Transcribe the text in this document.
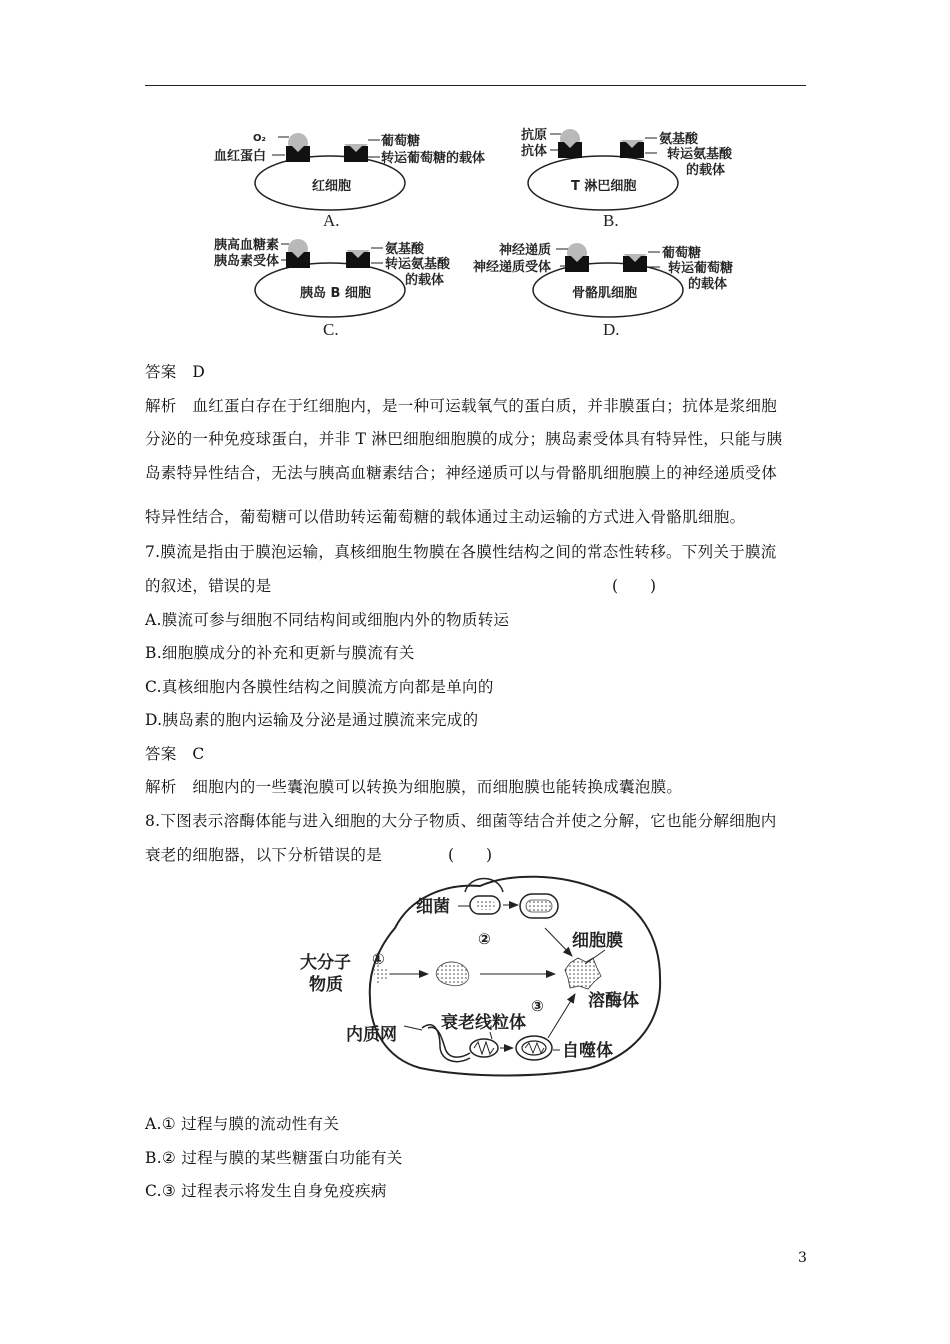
O₂
血红蛋白
葡萄糖
转运葡萄糖的载体
红细胞
A.
抗原
抗体
氨基酸
转运氨基酸
的载体
T 淋巴细胞
B.
胰高血糖素
胰岛素受体
氨基酸
转运氨基酸
的载体
胰岛 B 细胞
C.
神经递质
神经递质受体
葡萄糖
转运葡萄糖
的载体
骨骼肌细胞
D.
答案　D
解析　血红蛋白存在于红细胞内，是一种可运载氧气的蛋白质，并非膜蛋白；抗体是浆细胞
分泌的一种免疫球蛋白，并非 T 淋巴细胞细胞膜的成分；胰岛素受体具有特异性，只能与胰
岛素特异性结合，无法与胰高血糖素结合；神经递质可以与骨骼肌细胞膜上的神经递质受体
特异性结合，葡萄糖可以借助转运葡萄糖的载体通过主动运输的方式进入骨骼肌细胞。
7.膜流是指由于膜泡运输，真核细胞生物膜在各膜性结构之间的常态性转移。下列关于膜流
的叙述，错误的是	(　　)
A.膜流可参与细胞不同结构间或细胞内外的物质转运
B.细胞膜成分的补充和更新与膜流有关
C.真核细胞内各膜性结构之间膜流方向都是单向的
D.胰岛素的胞内运输及分泌是通过膜流来完成的
答案　C
解析　细胞内的一些囊泡膜可以转换为细胞膜，而细胞膜也能转换成囊泡膜。
8.下图表示溶酶体能与进入细胞的大分子物质、细菌等结合并使之分解，它也能分解细胞内
衰老的细胞器，以下分析错误的是	(　　)
细菌
②	细胞膜
大分子
物质
①
③	溶酶体
衰老线粒体
内质网
自噬体
A.① 过程与膜的流动性有关
B.② 过程与膜的某些糖蛋白功能有关
C.③ 过程表示将发生自身免疫疾病
3
